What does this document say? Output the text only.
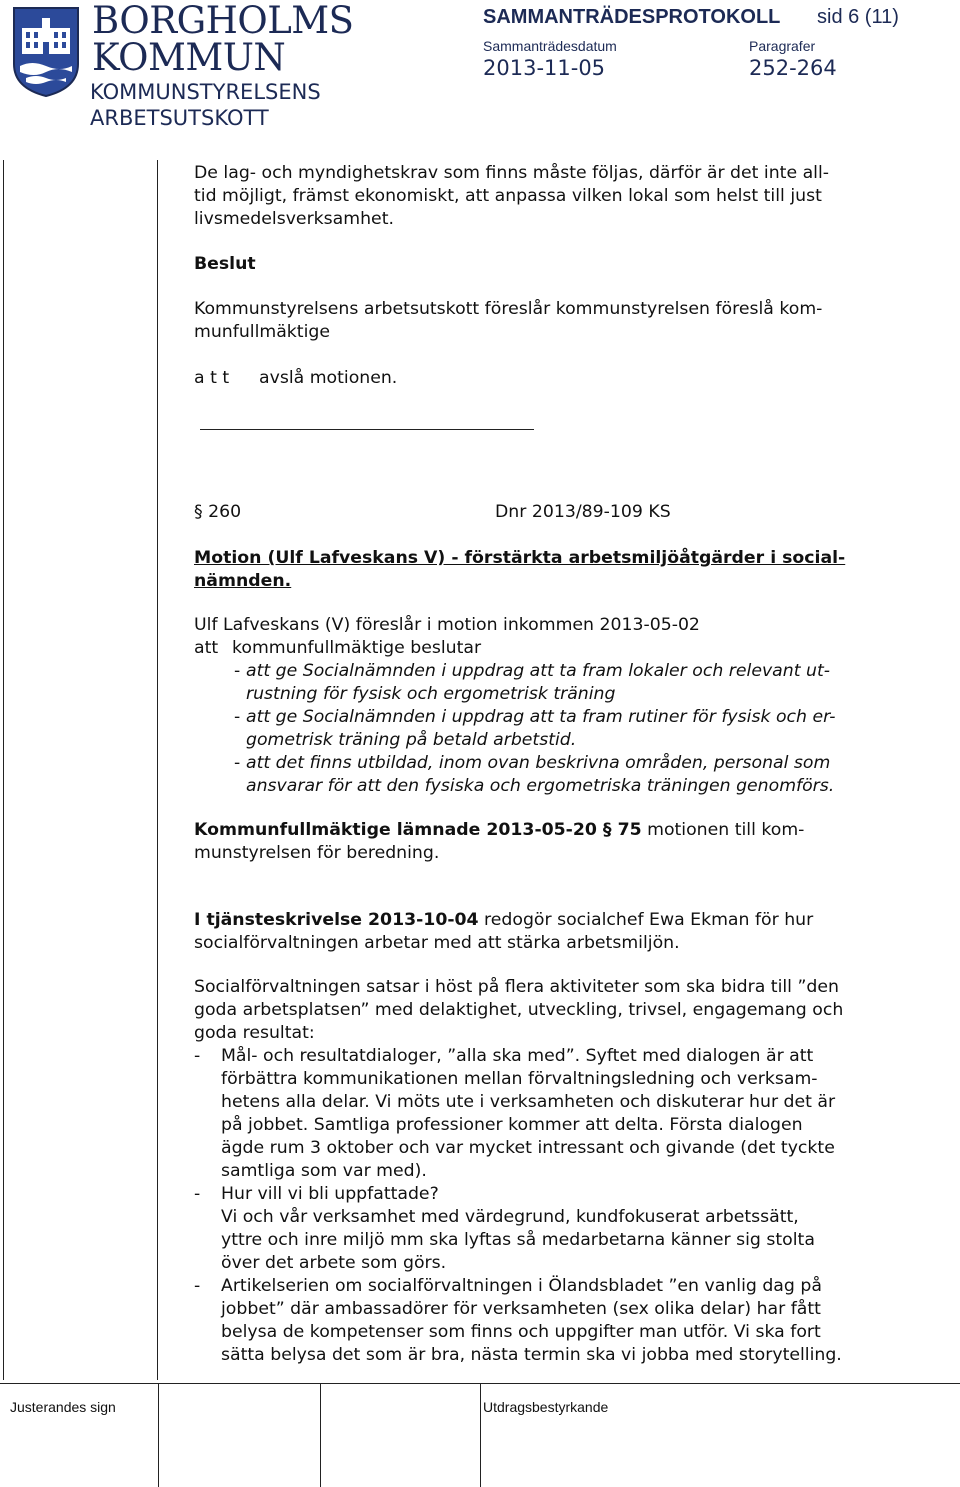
BORGHOLMS
KOMMUN
KOMMUNSTYRELSENS
ARBETSUTSKOTT
SAMMANTRÄDESPROTOKOLL sid 6 (11)
Sammanträdesdatum
2013-11-05
Paragrafer
252-264

De lag- och myndighetskrav som finns måste följas, därför är det inte all-

tid möjligt, främst ekonomiskt, att anpassa vilken lokal som helst till just

livsmedelsverksamhet.

Beslut

Kommunstyrelsens arbetsutskott föreslår kommunstyrelsen föreslå kom-

munfullmäktige

a t t avslå motionen.
§ 260	Dnr 2013/89-109 KS

Motion (Ulf Lafveskans V) - förstärkta arbetsmiljöåtgärder i social-

nämnden.

Ulf Lafveskans (V) föreslår i motion inkommen 2013-05-02

att kommunfullmäktige beslutar

- att ge Socialnämnden i uppdrag att ta fram lokaler och relevant ut-

rustning för fysisk och ergometrisk träning

- att ge Socialnämnden i uppdrag att ta fram rutiner för fysisk och er-

gometrisk träning på betald arbetstid.

- att det finns utbildad, inom ovan beskrivna områden, personal som

ansvarar för att den fysiska och ergometriska träningen genomförs.

Kommunfullmäktige lämnade 2013-05-20 § 75 motionen till kom-

munstyrelsen för beredning.

I tjänsteskrivelse 2013-10-04 redogör socialchef Ewa Ekman för hur

socialförvaltningen arbetar med att stärka arbetsmiljön.

Socialförvaltningen satsar i höst på flera aktiviteter som ska bidra till ”den

goda arbetsplatsen” med delaktighet, utveckling, trivsel, engagemang och

goda resultat:

- Mål- och resultatdialoger, ”alla ska med”. Syftet med dialogen är att

förbättra kommunikationen mellan förvaltningsledning och verksam-

hetens alla delar. Vi möts ute i verksamheten och diskuterar hur det är

på jobbet. Samtliga professioner kommer att delta. Första dialogen

ägde rum 3 oktober och var mycket intressant och givande (det tyckte

samtliga som var med).

- Hur vill vi bli uppfattade?

Vi och vår verksamhet med värdegrund, kundfokuserat arbetssätt,

yttre och inre miljö mm ska lyftas så medarbetarna känner sig stolta

över det arbete som görs.

- Artikelserien om socialförvaltningen i Ölandsbladet ”en vanlig dag på

jobbet” där ambassadörer för verksamheten (sex olika delar) har fått

belysa de kompetenser som finns och uppgifter man utför. Vi ska fort

sätta belysa det som är bra, nästa termin ska vi jobba med storytelling.

Justerandes sign	Utdragsbestyrkande
